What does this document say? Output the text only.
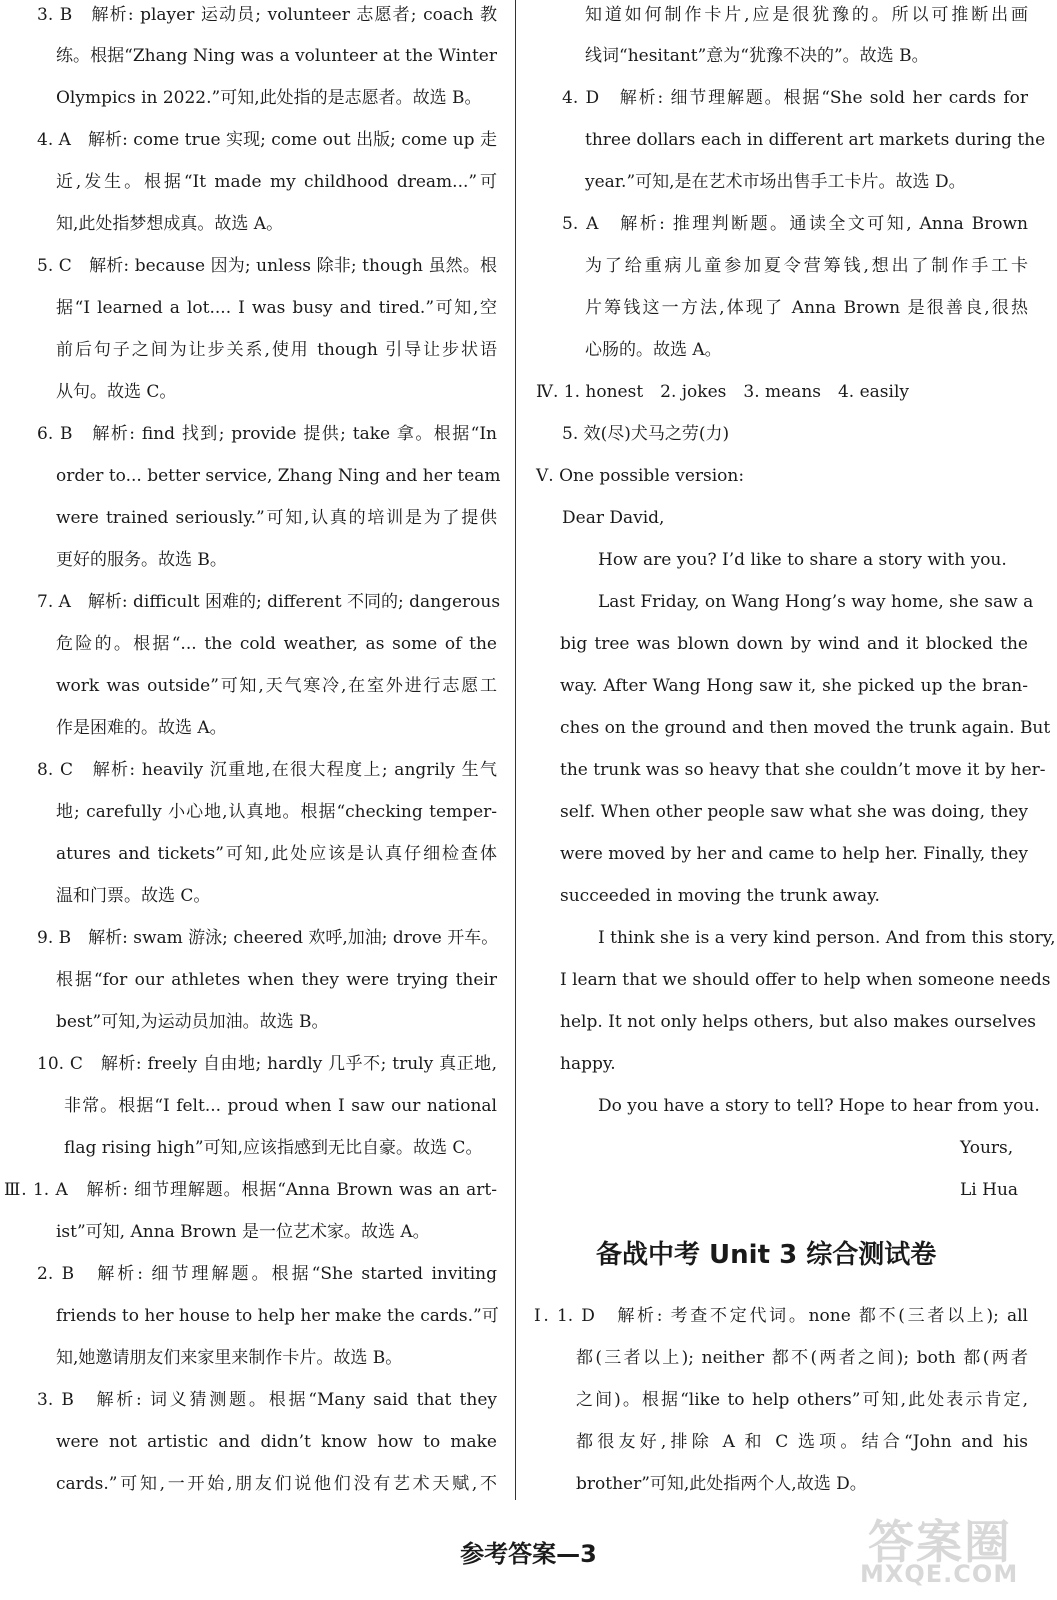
3. B　解析: player 运动员; volunteer 志愿者; coach 教
练。根据“Zhang Ning was a volunteer at the Winter
Olympics in 2022.”可知,此处指的是志愿者。故选 B。
4. A　解析: come true 实现; come out 出版; come up 走
近,发生。根据“It made my childhood dream...”可
知,此处指梦想成真。故选 A。
5. C　解析: because 因为; unless 除非; though 虽然。根
据“I learned a lot.... I was busy and tired.”可知,空
前后句子之间为让步关系,使用 though 引导让步状语
从句。故选 C。
6. B　解析: find 找到; provide 提供; take 拿。根据“In
order to... better service, Zhang Ning and her team
were trained seriously.”可知,认真的培训是为了提供
更好的服务。故选 B。
7. A　解析: difficult 困难的; different 不同的; dangerous
危险的。根据“... the cold weather, as some of the
work was outside”可知,天气寒冷,在室外进行志愿工
作是困难的。故选 A。
8. C　解析: heavily 沉重地,在很大程度上; angrily 生气
地; carefully 小心地,认真地。根据“checking temper-
atures and tickets”可知,此处应该是认真仔细检查体
温和门票。故选 C。
9. B　解析: swam 游泳; cheered 欢呼,加油; drove 开车。
根据“for our athletes when they were trying their
best”可知,为运动员加油。故选 B。
10. C　解析: freely 自由地; hardly 几乎不; truly 真正地,
非常。根据“I felt... proud when I saw our national
flag rising high”可知,应该指感到无比自豪。故选 C。
Ⅲ. 1. A　解析: 细节理解题。根据“Anna Brown was an art-
ist”可知, Anna Brown 是一位艺术家。故选 A。
2. B　解析: 细节理解题。根据“She started inviting
friends to her house to help her make the cards.”可
知,她邀请朋友们来家里来制作卡片。故选 B。
3. B　解析: 词义猜测题。根据“Many said that they
were not artistic and didn’t know how to make
cards.”可知,一开始,朋友们说他们没有艺术天赋,不
知道如何制作卡片,应是很犹豫的。所以可推断出画
线词“hesitant”意为“犹豫不决的”。故选 B。
4. D　解析: 细节理解题。根据“She sold her cards for
three dollars each in different art markets during the
year.”可知,是在艺术市场出售手工卡片。故选 D。
5. A　解析: 推理判断题。通读全文可知, Anna Brown
为了给重病儿童参加夏令营筹钱,想出了制作手工卡
片筹钱这一方法,体现了 Anna Brown 是很善良,很热
心肠的。故选 A。
Ⅳ. 1. honest　2. jokes　3. means　4. easily
5. 效(尽)犬马之劳(力)
Ⅴ. One possible version:
Dear David,
How are you? I’d like to share a story with you.
Last Friday, on Wang Hong’s way home, she saw a
big tree was blown down by wind and it blocked the
way. After Wang Hong saw it, she picked up the bran-
ches on the ground and then moved the trunk again. But
the trunk was so heavy that she couldn’t move it by her-
self. When other people saw what she was doing, they
were moved by her and came to help her. Finally, they
succeeded in moving the trunk away.
I think she is a very kind person. And from this story,
I learn that we should offer to help when someone needs
help. It not only helps others, but also makes ourselves
happy.
Do you have a story to tell? Hope to hear from you.
Yours,
Li Hua
备战中考 Unit 3 综合测试卷
Ⅰ. 1. D　解析: 考查不定代词。none 都不(三者以上); all
都(三者以上); neither 都不(两者之间); both 都(两者
之间)。根据“like to help others”可知,此处表示肯定,
都很友好,排除 A 和 C 选项。结合“John and his
brother”可知,此处指两个人,故选 D。
参考答案—3	答案圈
MXQE.COM
